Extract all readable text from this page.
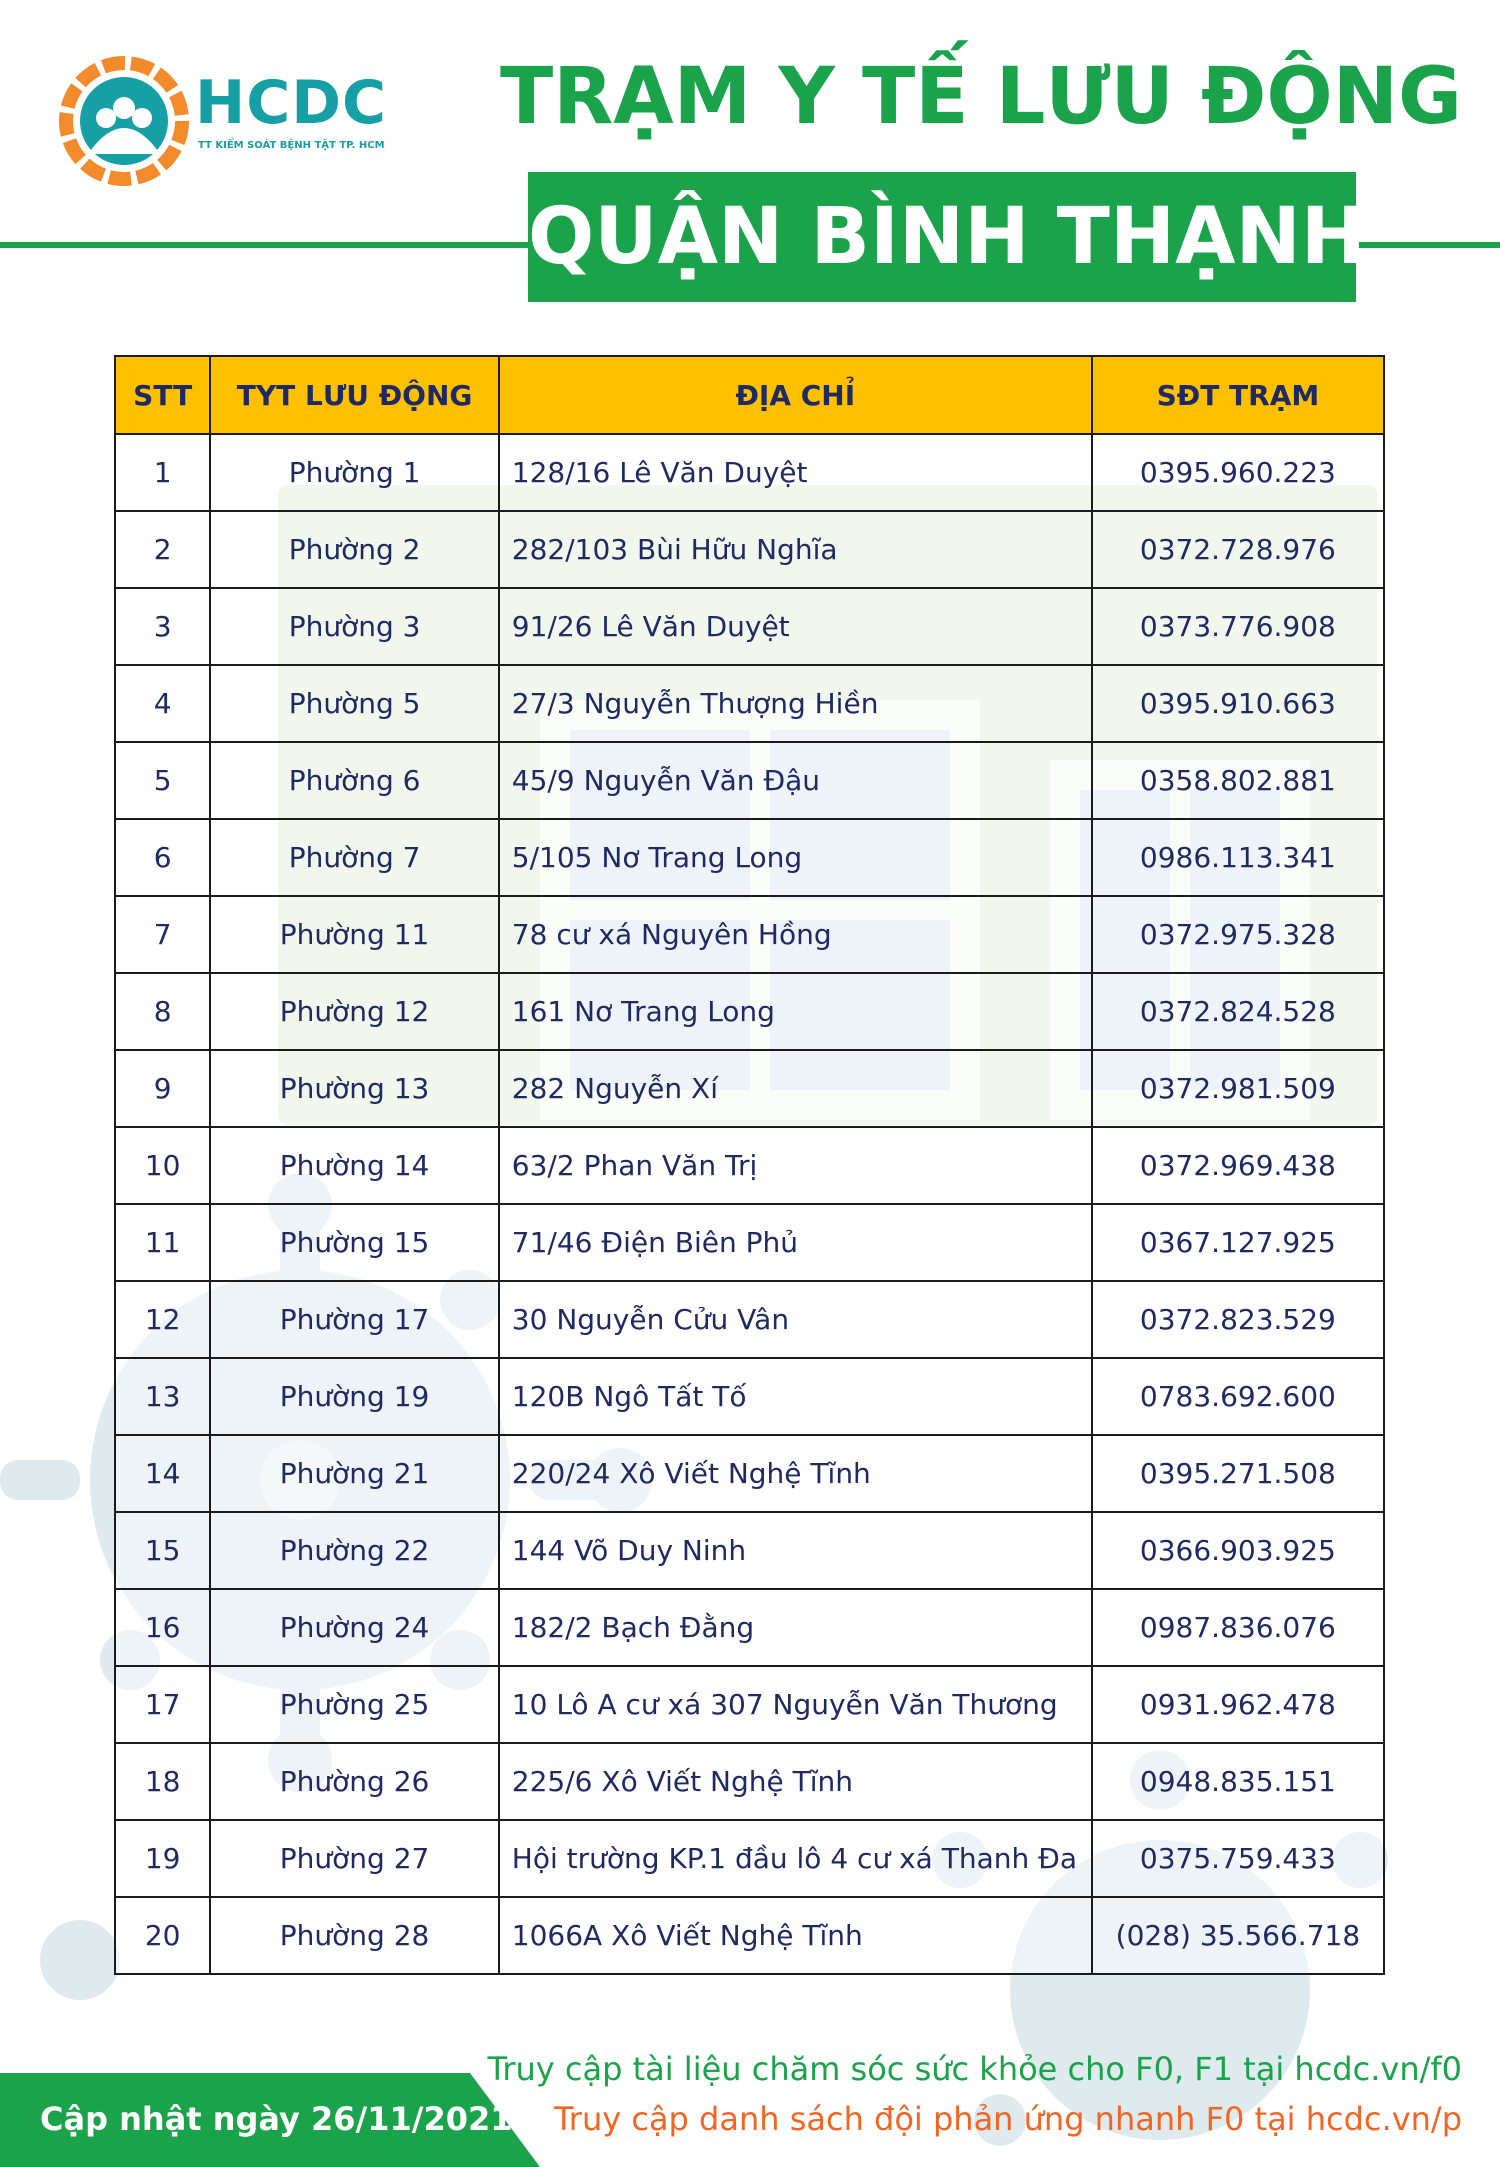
HCDC
TT KIỂM SOÁT BỆNH TẬT TP. HCM
TRẠM Y TẾ LƯU ĐỘNG
QUẬN BÌNH THẠNH
STT	TYT LƯU ĐỘNG	ĐỊA CHỈ	SĐT TRẠM
1	Phường 1	128/16 Lê Văn Duyệt	0395.960.223
2	Phường 2	282/103 Bùi Hữu Nghĩa	0372.728.976
3	Phường 3	91/26 Lê Văn Duyệt	0373.776.908
4	Phường 5	27/3 Nguyễn Thượng Hiền	0395.910.663
5	Phường 6	45/9 Nguyễn Văn Đậu	0358.802.881
6	Phường 7	5/105 Nơ Trang Long	0986.113.341
7	Phường 11	78 cư xá Nguyên Hồng	0372.975.328
8	Phường 12	161 Nơ Trang Long	0372.824.528
9	Phường 13	282 Nguyễn Xí	0372.981.509
10	Phường 14	63/2 Phan Văn Trị	0372.969.438
11	Phường 15	71/46 Điện Biên Phủ	0367.127.925
12	Phường 17	30 Nguyễn Cửu Vân	0372.823.529
13	Phường 19	120B Ngô Tất Tố	0783.692.600
14	Phường 21	220/24 Xô Viết Nghệ Tĩnh	0395.271.508
15	Phường 22	144 Võ Duy Ninh	0366.903.925
16	Phường 24	182/2 Bạch Đằng	0987.836.076
17	Phường 25	10 Lô A cư xá 307 Nguyễn Văn Thương	0931.962.478
18	Phường 26	225/6 Xô Viết Nghệ Tĩnh	0948.835.151
19	Phường 27	Hội trường KP.1 đầu lô 4 cư xá Thanh Đa	0375.759.433
20	Phường 28	1066A Xô Viết Nghệ Tĩnh	(028) 35.566.718
Cập nhật ngày 26/11/2021
Truy cập tài liệu chăm sóc sức khỏe cho F0, F1 tại hcdc.vn/f0
Truy cập danh sách đội phản ứng nhanh F0 tại hcdc.vn/p
